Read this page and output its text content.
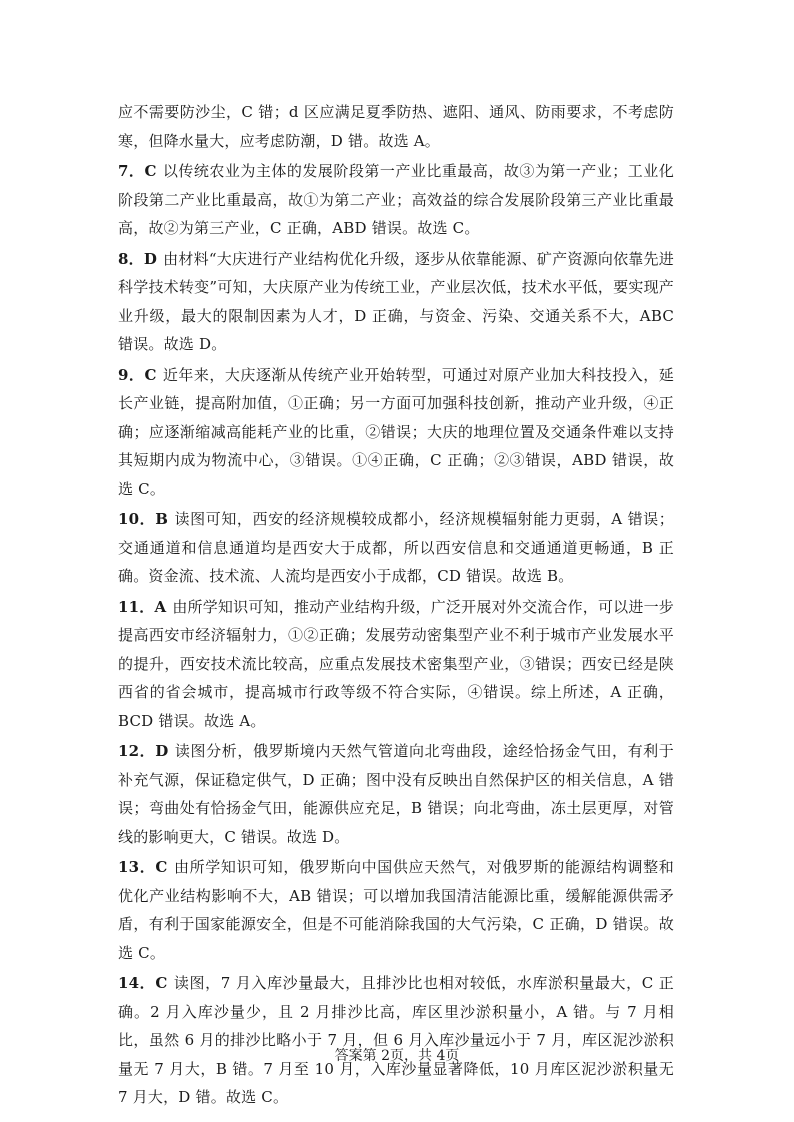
应不需要防沙尘，C 错；d 区应满足夏季防热、遮阳、通风、防雨要求，不考虑防寒，但降水量大，应考虑防潮，D 错。故选 A。

7．C 以传统农业为主体的发展阶段第一产业比重最高，故③为第一产业；工业化阶段第二产业比重最高，故①为第二产业；高效益的综合发展阶段第三产业比重最高，故②为第三产业，C 正确，ABD 错误。故选 C。

8．D 由材料“大庆进行产业结构优化升级，逐步从依靠能源、矿产资源向依靠先进科学技术转变”可知，大庆原产业为传统工业，产业层次低，技术水平低，要实现产业升级，最大的限制因素为人才，D 正确，与资金、污染、交通关系不大，ABC 错误。故选 D。

9．C 近年来，大庆逐渐从传统产业开始转型，可通过对原产业加大科技投入，延长产业链，提高附加值，①正确；另一方面可加强科技创新，推动产业升级，④正确；应逐渐缩减高能耗产业的比重，②错误；大庆的地理位置及交通条件难以支持其短期内成为物流中心，③错误。①④正确，C 正确；②③错误，ABD 错误，故选 C。

10．B 读图可知，西安的经济规模较成都小，经济规模辐射能力更弱，A 错误；交通通道和信息通道均是西安大于成都，所以西安信息和交通通道更畅通，B 正确。资金流、技术流、人流均是西安小于成都，CD 错误。故选 B。

11．A 由所学知识可知，推动产业结构升级，广泛开展对外交流合作，可以进一步提高西安市经济辐射力，①②正确；发展劳动密集型产业不利于城市产业发展水平的提升，西安技术流比较高，应重点发展技术密集型产业，③错误；西安已经是陕西省的省会城市，提高城市行政等级不符合实际，④错误。综上所述，A 正确，BCD 错误。故选 A。

12．D 读图分析，俄罗斯境内天然气管道向北弯曲段，途经恰扬金气田，有利于补充气源，保证稳定供气，D 正确；图中没有反映出自然保护区的相关信息，A 错误；弯曲处有恰扬金气田，能源供应充足，B 错误；向北弯曲，冻土层更厚，对管线的影响更大，C 错误。故选 D。

13．C 由所学知识可知，俄罗斯向中国供应天然气，对俄罗斯的能源结构调整和优化产业结构影响不大，AB 错误；可以增加我国清洁能源比重，缓解能源供需矛盾，有利于国家能源安全，但是不可能消除我国的大气污染，C 正确，D 错误。故选 C。

14．C 读图，7 月入库沙量最大，且排沙比也相对较低，水库淤积量最大，C 正确。2 月入库沙量少，且 2 月排沙比高，库区里沙淤积量小，A 错。与 7 月相比，虽然 6 月的排沙比略小于 7 月，但 6 月入库沙量远小于 7 月，库区泥沙淤积量无 7 月大，B 错。7 月至 10 月，入库沙量显著降低，10 月库区泥沙淤积量无 7 月大，D 错。故选 C。

答案第 2页，共 4页
